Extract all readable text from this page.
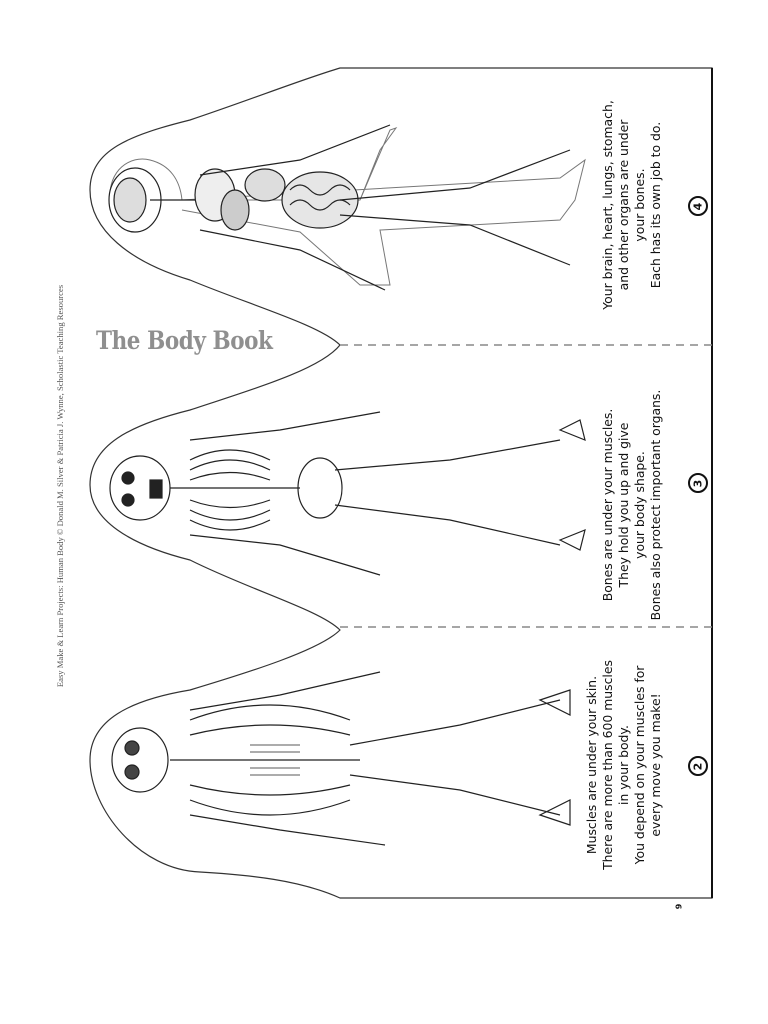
Easy Make & Learn Projects: Human Body © Donald M. Silver & Patricia J. Wynne, Scholastic Teaching Resources The Body Book
Your brain, heart, lungs, stomach, and other organs are under your bones. Each has its own job to do.	4
Bones are under your muscles. They hold you up and give your body shape. Bones also protect important organs.	3
Muscles are under your skin. There are more than 600 muscles in your body. You depend on your muscles for every move you make!	2
9
